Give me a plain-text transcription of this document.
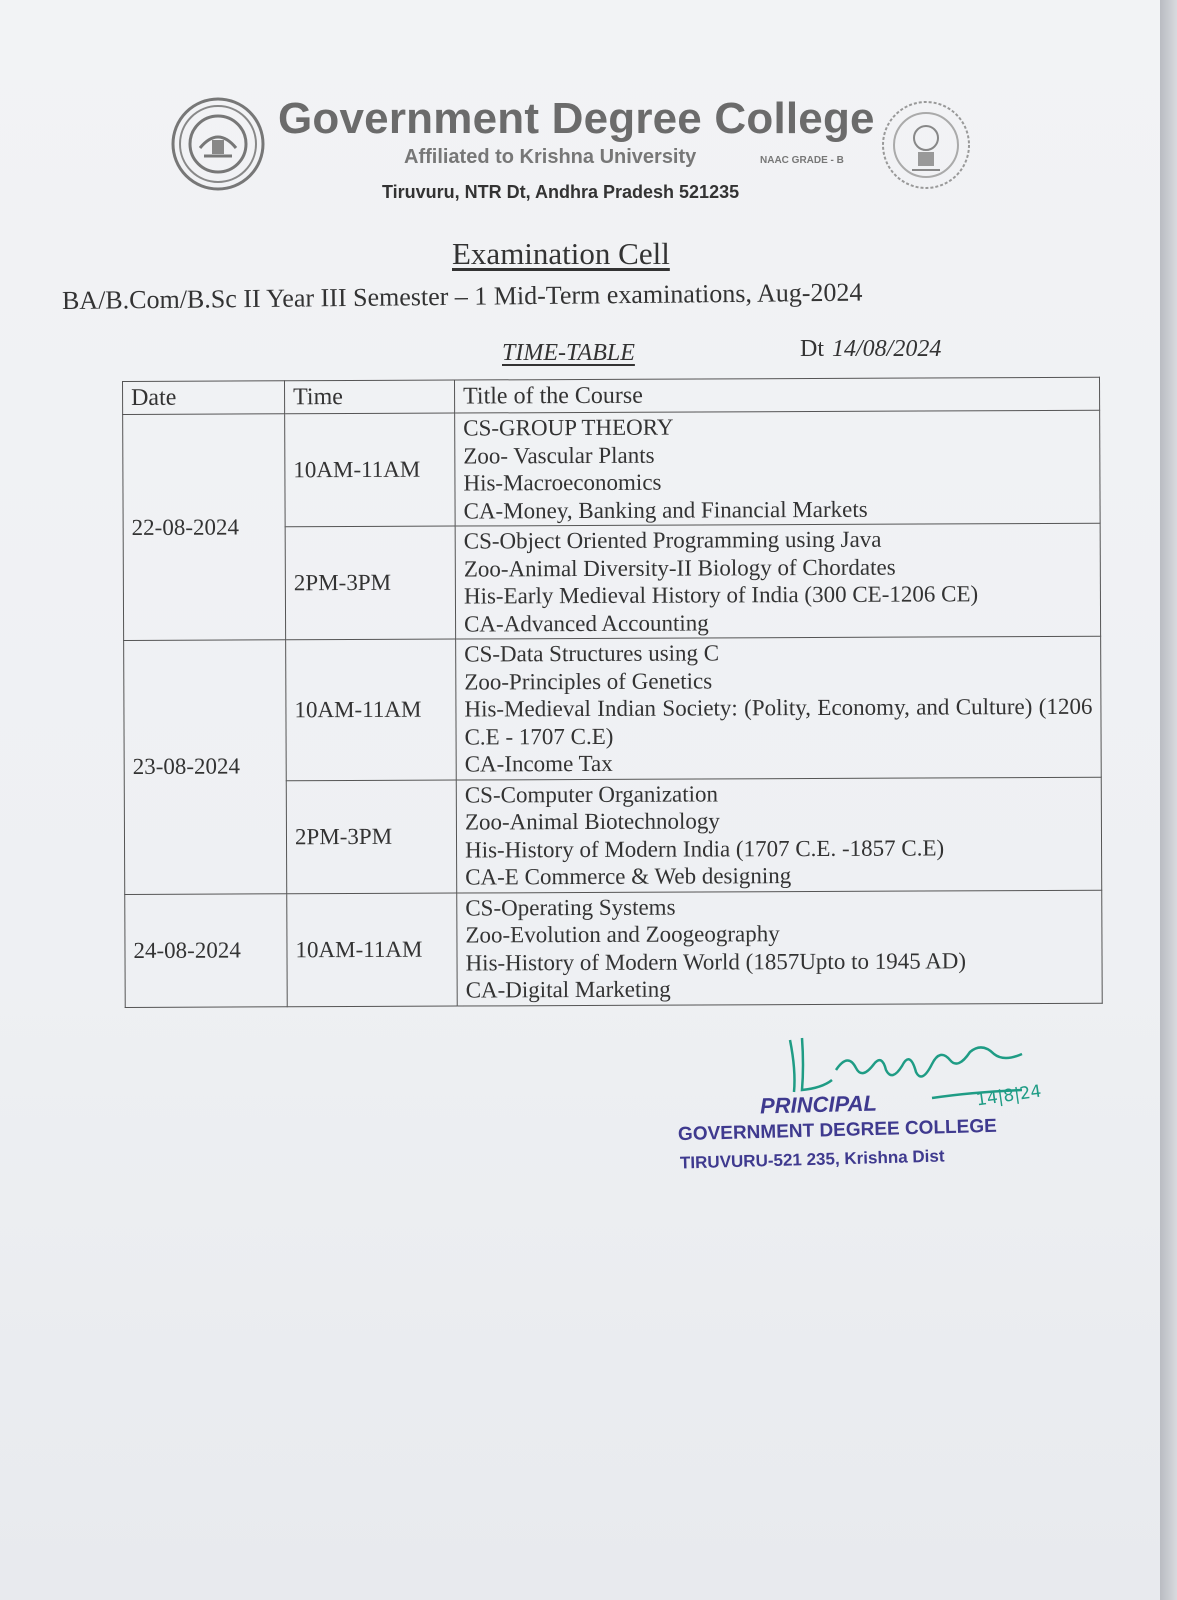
Government Degree College
Affiliated to Krishna University	NAAC GRADE - B
Tiruvuru, NTR Dt, Andhra Pradesh 521235
Examination Cell
BA/B.Com/B.Sc II Year III Semester – 1 Mid-Term examinations, Aug-2024
TIME-TABLE	Dt 14/08/2024
Date	Time	Title of the Course
22-08-2024	10AM-11AM	CS-GROUP THEORY
Zoo- Vascular Plants
His-Macroeconomics
CA-Money, Banking and Financial Markets

	2PM-3PM	CS-Object Oriented Programming using Java
Zoo-Animal Diversity-II Biology of Chordates
His-Early Medieval History of India (300 CE-1206 CE)
CA-Advanced Accounting

23-08-2024	10AM-11AM	CS-Data Structures using C
Zoo-Principles of Genetics
His-Medieval Indian Society: (Polity, Economy, and Culture) (1206 C.E - 1707 C.E)
CA-Income Tax

	2PM-3PM	CS-Computer Organization
Zoo-Animal Biotechnology
His-History of Modern India (1707 C.E. -1857 C.E)
CA-E Commerce & Web designing

24-08-2024	10AM-11AM	CS-Operating Systems
Zoo-Evolution and Zoogeography
His-History of Modern World (1857Upto to 1945 AD)
CA-Digital Marketing
14|8|24
PRINCIPAL
GOVERNMENT DEGREE COLLEGE
TIRUVURU-521 235, Krishna Dist
